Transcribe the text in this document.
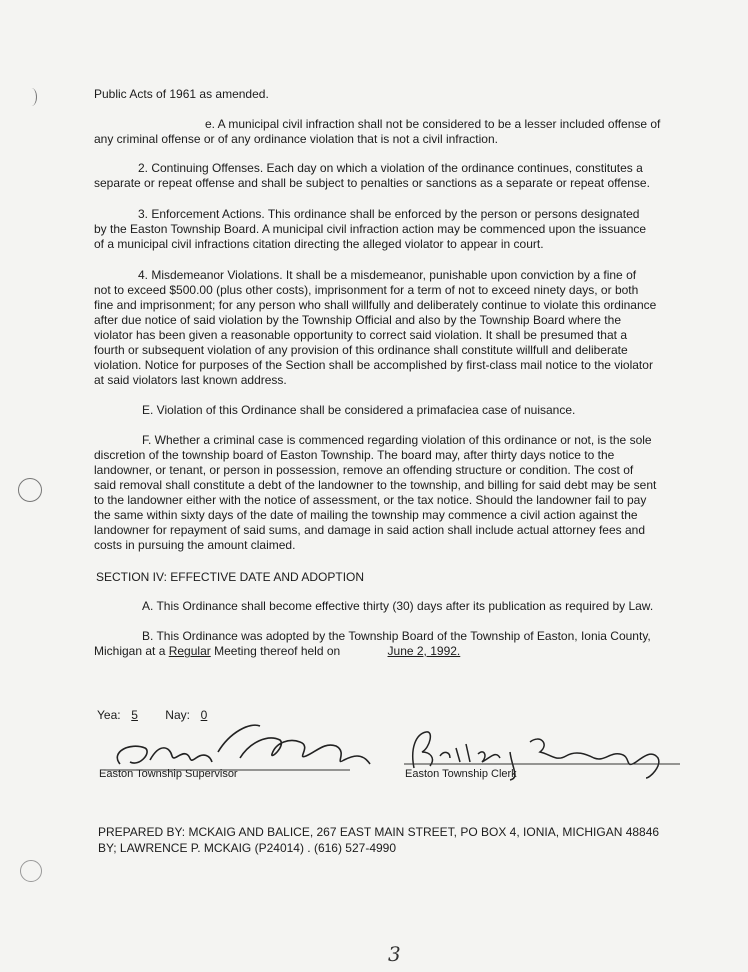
Public Acts of 1961 as amended.
e. A municipal civil infraction shall not be considered to be a lesser included offense of
any criminal offense or of any ordinance violation that is not a civil infraction.
2. Continuing Offenses. Each day on which a violation of the ordinance continues, constitutes a
separate or repeat offense and shall be subject to penalties or sanctions as a separate or repeat offense.
3. Enforcement Actions. This ordinance shall be enforced by the person or persons designated
by the Easton Township Board. A municipal civil infraction action may be commenced upon the issuance
of a municipal civil infractions citation directing the alleged violator to appear in court.
4. Misdemeanor Violations. It shall be a misdemeanor, punishable upon conviction by a fine of
not to exceed $500.00 (plus other costs), imprisonment for a term of not to exceed ninety days, or both
fine and imprisonment; for any person who shall willfully and deliberately continue to violate this ordinance
after due notice of said violation by the Township Official and also by the Township Board where the
violator has been given a reasonable opportunity to correct said violation. It shall be presumed that a
fourth or subsequent violation of any provision of this ordinance shall constitute willfull and deliberate
violation. Notice for purposes of the Section shall be accomplished by first-class mail notice to the violator
at said violators last known address.
E. Violation of this Ordinance shall be considered a primafaciea case of nuisance.
F. Whether a criminal case is commenced regarding violation of this ordinance or not, is the sole
discretion of the township board of Easton Township. The board may, after thirty days notice to the
landowner, or tenant, or person in possession, remove an offending structure or condition. The cost of
said removal shall constitute a debt of the landowner to the township, and billing for said debt may be sent
to the landowner either with the notice of assessment, or the tax notice. Should the landowner fail to pay
the same within sixty days of the date of mailing the township may commence a civil action against the
landowner for repayment of said sums, and damage in said action shall include actual attorney fees and
costs in pursuing the amount claimed.
SECTION IV: EFFECTIVE DATE AND ADOPTION
A. This Ordinance shall become effective thirty (30) days after its publication as required by Law.
B. This Ordinance was adopted by the Township Board of the Township of Easton, Ionia County,
Michigan at a Regular Meeting thereof held on	June 2, 1992.
Yea: 5 Nay: 0
Easton Township Supervisor	Easton Township Clerk
PREPARED BY: MCKAIG AND BALICE, 267 EAST MAIN STREET, PO BOX 4, IONIA, MICHIGAN 48846
BY; LAWRENCE P. MCKAIG (P24014) . (616) 527-4990
3
